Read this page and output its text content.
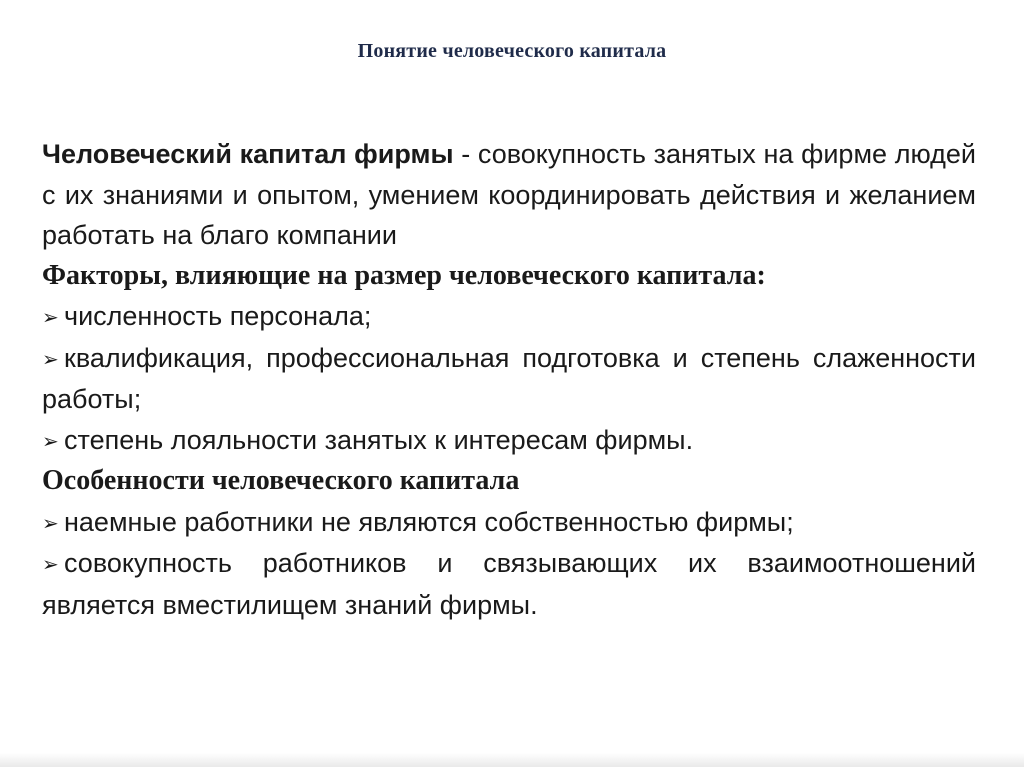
Понятие человеческого капитала

Человеческий капитал фирмы - совокупность занятых на фирме людей с их знаниями и опытом, умением координировать действия и желанием работать на благо компании

Факторы, влияющие на размер человеческого капитала:

➢ численность персонала;

➢ квалификация, профессиональная подготовка и степень слаженности работы;

➢ степень лояльности занятых к интересам фирмы.

Особенности человеческого капитала

➢ наемные работники не являются собственностью фирмы;

➢ совокупность работников и связывающих их взаимоотношений является вместилищем знаний фирмы.
